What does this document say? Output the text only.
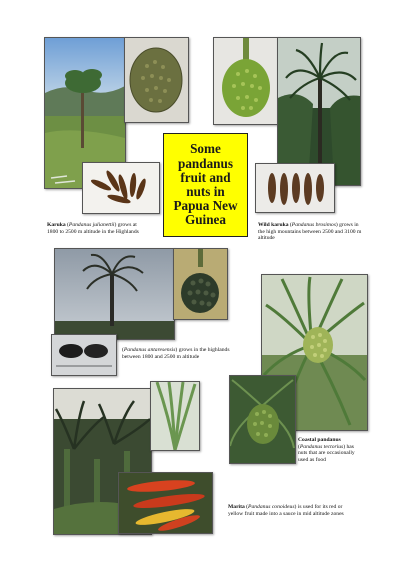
Karuka (Pandanus julianettii) grows at 1800 to 2500 m altitude in the Highlands
Some
pandanus
fruit and
nuts in
Papua New
Guinea	Wild karuka (Pandanus brosimos) grows in the high mountains between 2500 and 3100 m altitude
(Pandanus antaresensis) grows in the highlands between 1800 and 2500 m altitude
Coastal pandanus (Pandanus tectorius) has nuts that are occasionally used as food
Marita (Pandanus conoideus) is used for its red or yellow fruit made into a sauce in mid altitude zones
